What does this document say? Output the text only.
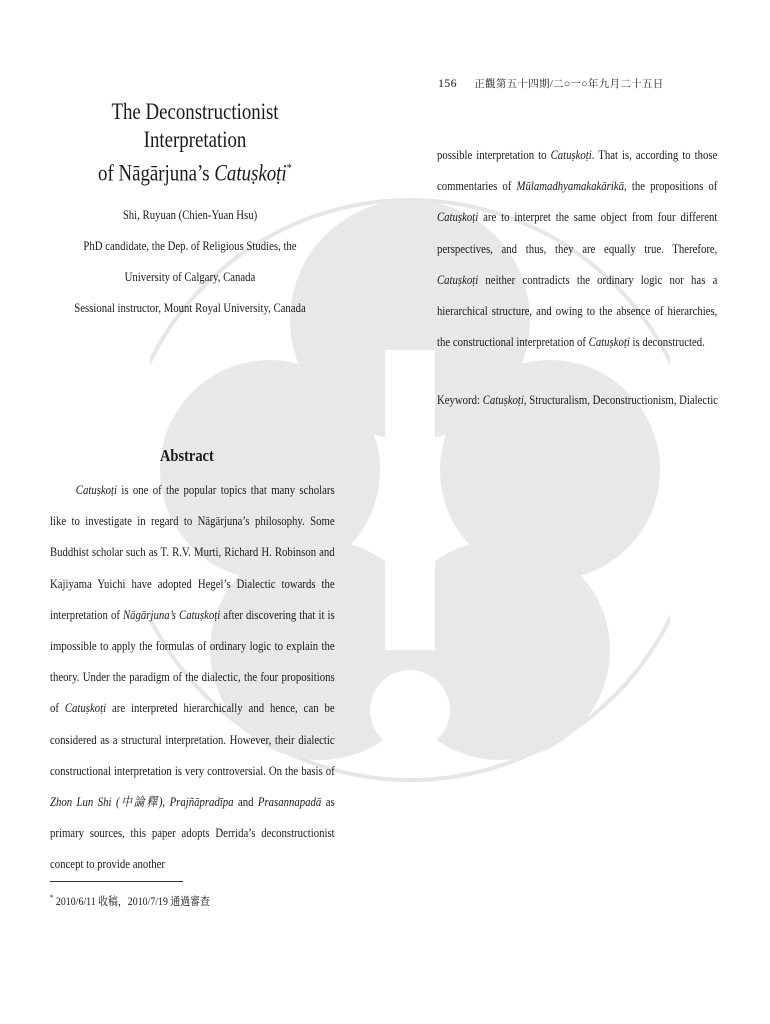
156 正觀第五十四期/二○一○年九月二十五日
The Deconstructionist Interpretation
of Nāgārjuna’s Catuṣkoṭi*
Shi, Ruyuan (Chien-Yuan Hsu)
PhD candidate, the Dep. of Religious Studies, the University of Calgary, Canada
Sessional instructor, Mount Royal University, Canada
Abstract

Catuṣkoṭi is one of the popular topics that many scholars like to investigate in regard to Nāgārjuna’s philosophy. Some Buddhist scholar such as T. R.V. Murti, Richard H. Robinson and Kajiyama Yuichi have adopted Hegel’s Dialectic towards the interpretation of Nāgārjuna’s Catuṣkoṭi after discovering that it is impossible to apply the formulas of ordinary logic to explain the theory. Under the paradigm of the dialectic, the four propositions of Catuṣkoṭi are interpreted hierarchically and hence, can be considered as a structural interpretation. However, their dialectic constructional interpretation is very controversial. On the basis of Zhon Lun Shi (中論釋), Prajñāpradīpa and Prasannapadā as primary sources, this paper adopts Derrida’s deconstructionist concept to provide another

possible interpretation to Catuṣkoṭi. That is, according to those commentaries of Mūlamadhyamakakārikā, the propositions of Catuṣkoṭi are to interpret the same object from four different perspectives, and thus, they are equally true. Therefore, Catuṣkoṭi neither contradicts the ordinary logic nor has a hierarchical structure, and owing to the absence of hierarchies, the constructional interpretation of Catuṣkoṭi is deconstructed.

Keyword: Catuṣkoṭi, Structuralism, Deconstructionism, Dialectic
* 2010/6/11 收稿，2010/7/19 通過審查
